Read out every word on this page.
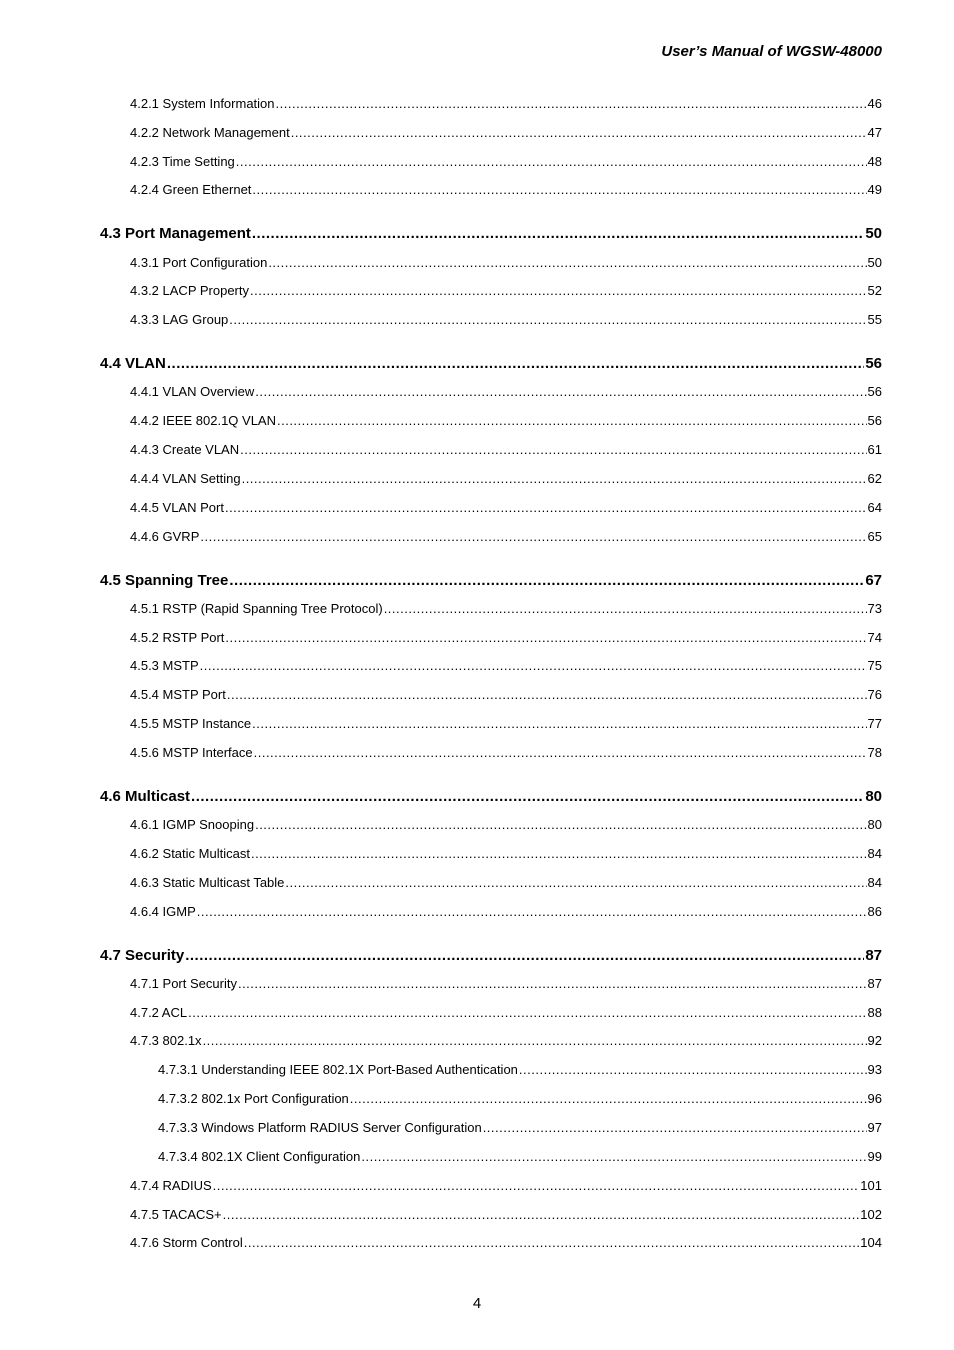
User’s Manual of WGSW-48000
4.2.1 System Information .....	46
4.2.2 Network Management .....	47
4.2.3 Time Setting .....	48
4.2.4 Green Ethernet .....	49
4.3 Port Management .....	50
4.3.1 Port Configuration .....	50
4.3.2 LACP Property .....	52
4.3.3 LAG Group .....	55
4.4 VLAN .....	56
4.4.1 VLAN Overview .....	56
4.4.2 IEEE 802.1Q VLAN .....	56
4.4.3 Create VLAN .....	61
4.4.4 VLAN Setting .....	62
4.4.5 VLAN Port .....	64
4.4.6 GVRP .....	65
4.5 Spanning Tree .....	67
4.5.1 RSTP (Rapid Spanning Tree Protocol) .....	73
4.5.2 RSTP Port .....	74
4.5.3 MSTP .....	75
4.5.4 MSTP Port .....	76
4.5.5 MSTP Instance .....	77
4.5.6 MSTP Interface .....	78
4.6 Multicast .....	80
4.6.1 IGMP Snooping .....	80
4.6.2 Static Multicast .....	84
4.6.3 Static Multicast Table .....	84
4.6.4 IGMP .....	86
4.7 Security .....	87
4.7.1 Port Security .....	87
4.7.2 ACL .....	88
4.7.3 802.1x .....	92
4.7.3.1 Understanding IEEE 802.1X Port-Based Authentication .....	93
4.7.3.2 802.1x Port Configuration .....	96
4.7.3.3 Windows Platform RADIUS Server Configuration .....	97
4.7.3.4 802.1X Client Configuration .....	99
4.7.4 RADIUS .....	101
4.7.5 TACACS+ .....	102
4.7.6 Storm Control .....	104
4
